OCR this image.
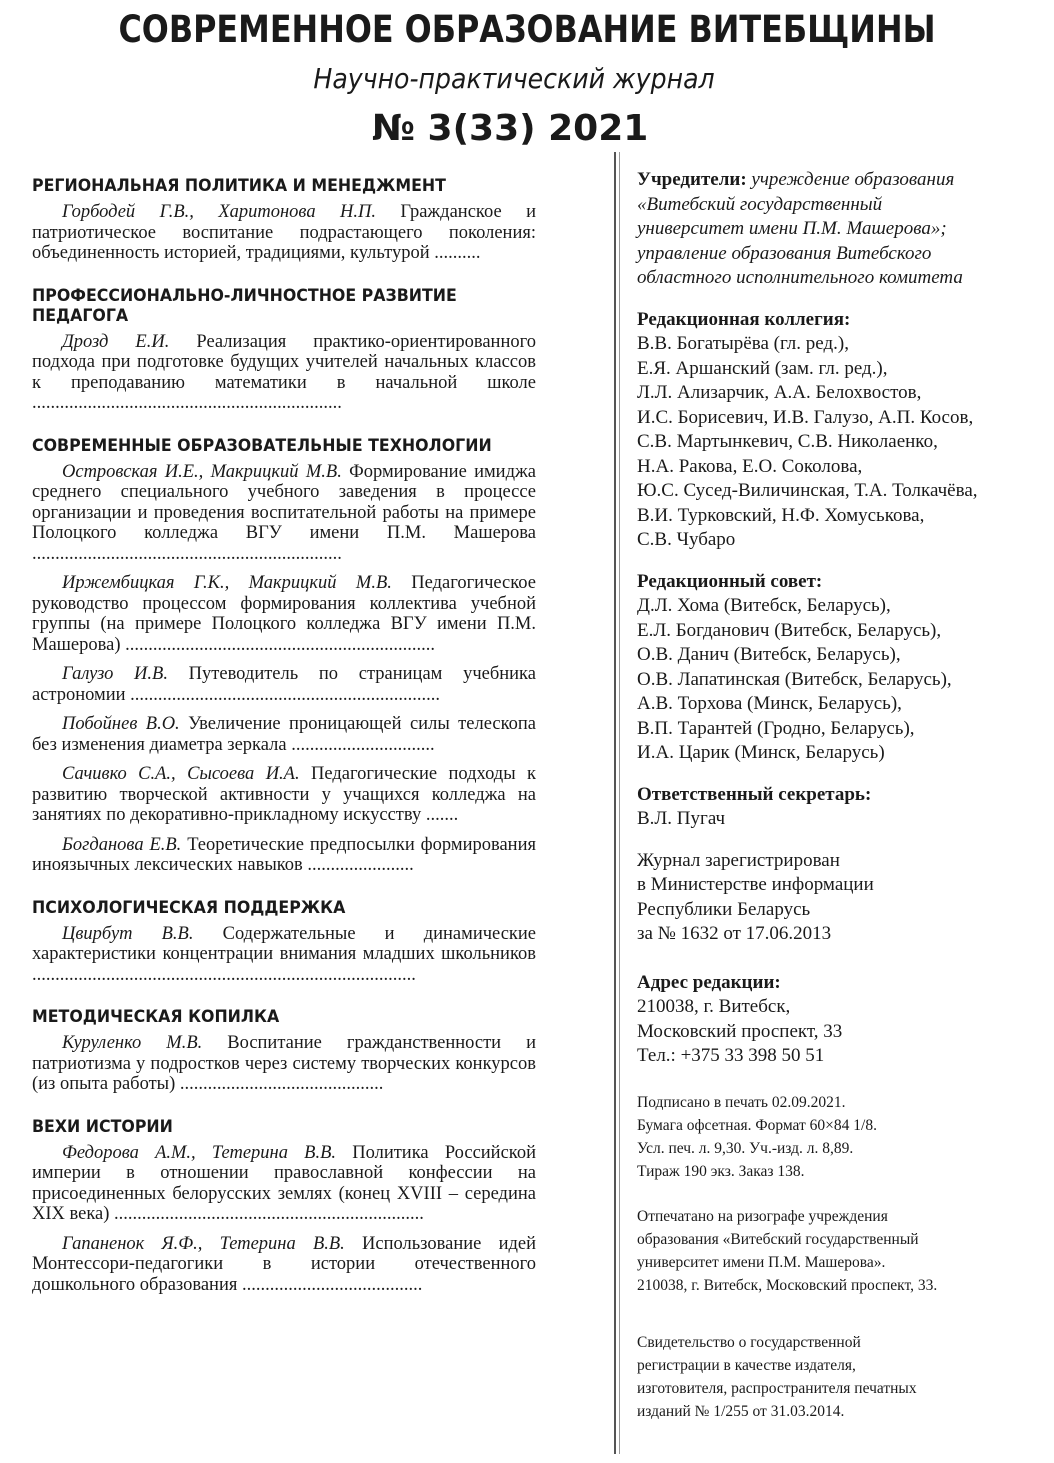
СОВРЕМЕННОЕ ОБРАЗОВАНИЕ ВИТЕБЩИНЫ
Научно-практический журнал
№ 3(33) 2021
РЕГИОНАЛЬНАЯ ПОЛИТИКА И МЕНЕДЖМЕНТ
Горбодей Г.В., Харитонова Н.П. Гражданское и патриотическое воспитание подрастающего поколения: объединенность историей, традициями, культурой ..........
ПРОФЕССИОНАЛЬНО-ЛИЧНОСТНОЕ РАЗВИТИЕ ПЕДАГОГА
Дрозд Е.И. Реализация практико-ориентированного подхода при подготовке будущих учителей начальных классов к преподаванию математики в начальной школе ...................................................................
СОВРЕМЕННЫЕ ОБРАЗОВАТЕЛЬНЫЕ ТЕХНОЛОГИИ
Островская И.Е., Макрицкий М.В. Формирование имиджа среднего специального учебного заведения в процессе организации и проведения воспитательной работы на примере Полоцкого колледжа ВГУ имени П.М. Машерова ...................................................................
Иржембицкая Г.К., Макрицкий М.В. Педагогическое руководство процессом формирования коллектива учебной группы (на примере Полоцкого колледжа ВГУ имени П.М. Машерова) ...................................................................
Галузо И.В. Путеводитель по страницам учебника астрономии ...................................................................
Побойнев В.О. Увеличение проницающей силы телескопа без изменения диаметра зеркала ...............................
Сачивко С.А., Сысоева И.А. Педагогические подходы к развитию творческой активности у учащихся колледжа на занятиях по декоративно-прикладному искусству .......
Богданова Е.В. Теоретические предпосылки формирования иноязычных лексических навыков .......................
ПСИХОЛОГИЧЕСКАЯ ПОДДЕРЖКА
Цвирбут В.В. Содержательные и динамические характеристики концентрации внимания младших школьников ...................................................................................
МЕТОДИЧЕСКАЯ КОПИЛКА
Куруленко М.В. Воспитание гражданственности и патриотизма у подростков через систему творческих конкурсов (из опыта работы) ............................................
ВЕХИ ИСТОРИИ
Федорова А.М., Тетерина В.В. Политика Российской империи в отношении православной конфессии на присоединенных белорусских землях (конец XVIII – середина XIX века) ...................................................................
Гапаненок Я.Ф., Тетерина В.В. Использование идей Монтессори-педагогики в истории отечественного дошкольного образования .......................................
Учредители: учреждение образования
«Витебский государственный
университет имени П.М. Машерова»;
управление образования Витебского
областного исполнительного комитета
Редакционная коллегия:
В.В. Богатырёва (гл. ред.),
Е.Я. Аршанский (зам. гл. ред.),
Л.Л. Ализарчик, А.А. Белохвостов,
И.С. Борисевич, И.В. Галузо, А.П. Косов,
С.В. Мартынкевич, С.В. Николаенко,
Н.А. Ракова, Е.О. Соколова,
Ю.С. Сусед-Виличинская, Т.А. Толкачёва,
В.И. Турковский, Н.Ф. Хомуськова,
С.В. Чубаро
Редакционный совет:
Д.Л. Хома (Витебск, Беларусь),
Е.Л. Богданович (Витебск, Беларусь),
О.В. Данич (Витебск, Беларусь),
О.В. Лапатинская (Витебск, Беларусь),
А.В. Торхова (Минск, Беларусь),
В.П. Тарантей (Гродно, Беларусь),
И.А. Царик (Минск, Беларусь)
Ответственный секретарь:
В.Л. Пугач
Журнал зарегистрирован
в Министерстве информации
Республики Беларусь
за № 1632 от 17.06.2013
Адрес редакции:
210038, г. Витебск,
Московский проспект, 33
Тел.: +375 33 398 50 51
Подписано в печать 02.09.2021.
Бумага офсетная. Формат 60×84 1/8.
Усл. печ. л. 9,30. Уч.-изд. л. 8,89.
Тираж 190 экз. Заказ 138.
Отпечатано на ризографе учреждения
образования «Витебский государственный
университет имени П.М. Машерова».
210038, г. Витебск, Московский проспект, 33.
Свидетельство о государственной
регистрации в качестве издателя,
изготовителя, распространителя печатных
изданий № 1/255 от 31.03.2014.
